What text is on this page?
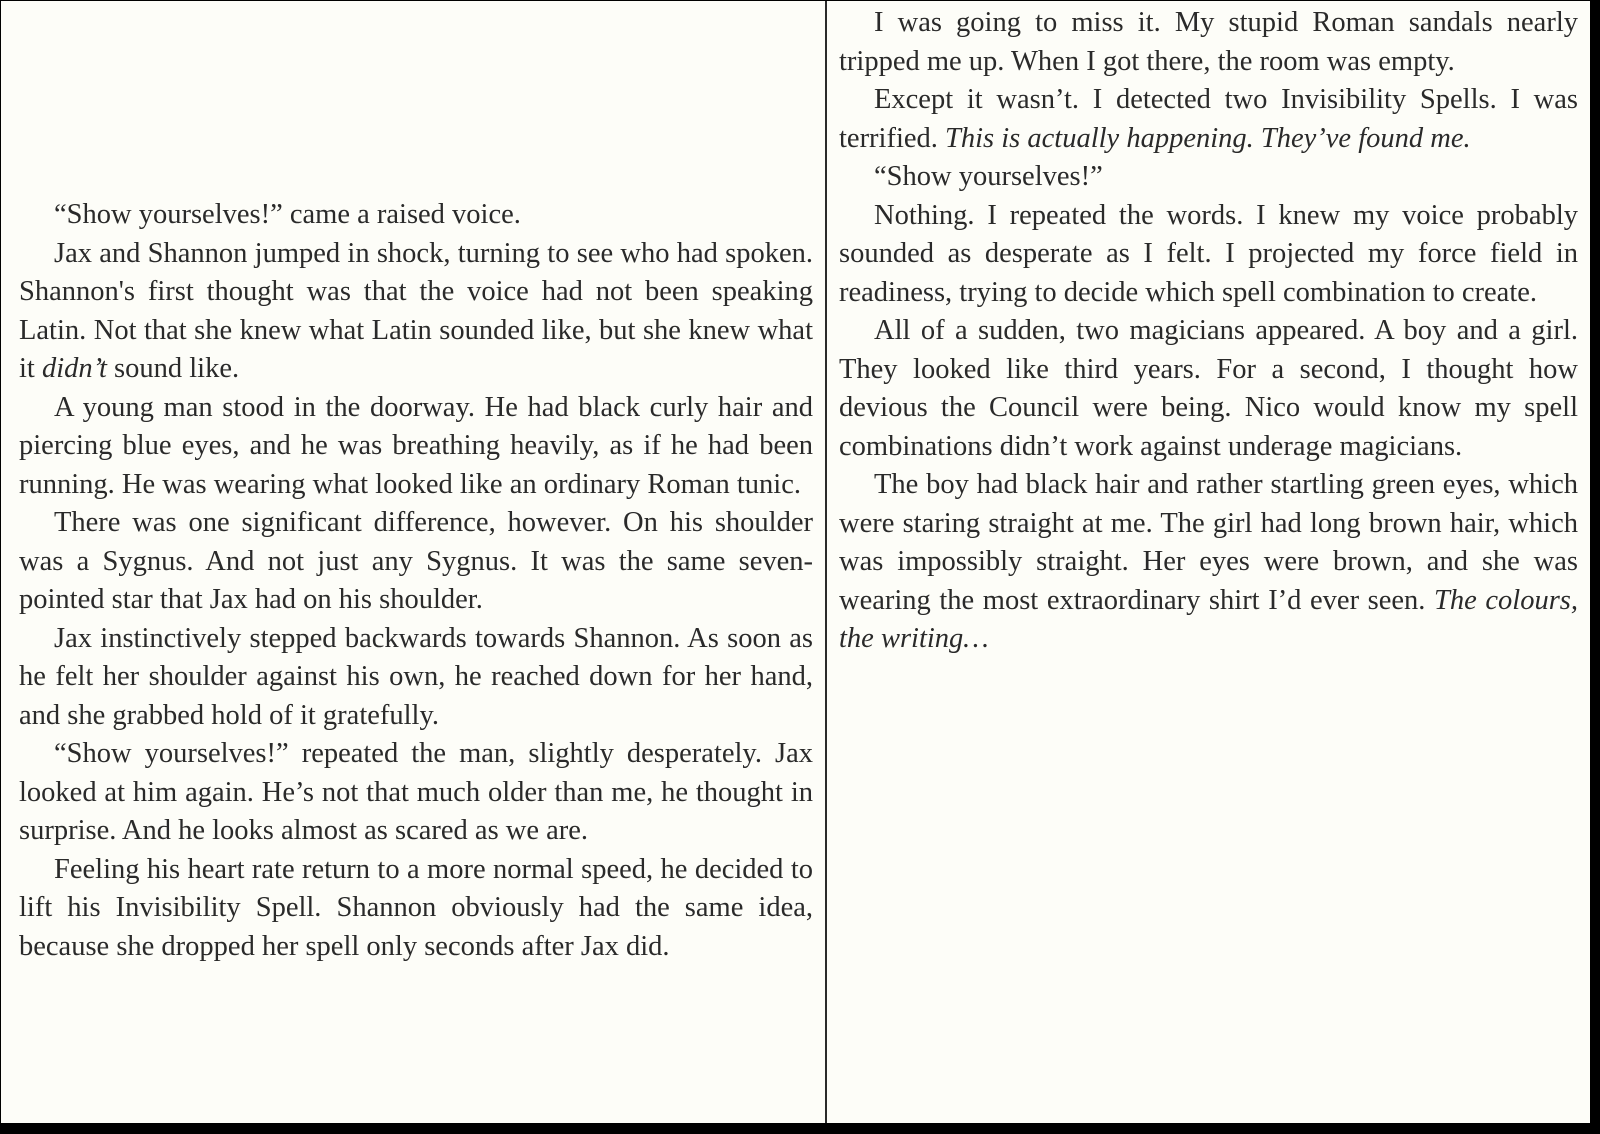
“Show yourselves!” came a raised voice.

Jax and Shannon jumped in shock, turning to see who had spoken. Shannon's first thought was that the voice had not been speaking Latin. Not that she knew what Latin sounded like, but she knew what it didn’t sound like.

A young man stood in the doorway. He had black curly hair and piercing blue eyes, and he was breathing heavily, as if he had been running. He was wearing what looked like an ordinary Roman tunic.

There was one significant difference, however. On his shoulder was a Sygnus. And not just any Sygnus. It was the same seven-pointed star that Jax had on his shoulder.

Jax instinctively stepped backwards towards Shannon. As soon as he felt her shoulder against his own, he reached down for her hand, and she grabbed hold of it gratefully.

“Show yourselves!” repeated the man, slightly desperately. Jax looked at him again. He’s not that much older than me, he thought in surprise. And he looks almost as scared as we are.

Feeling his heart rate return to a more normal speed, he decided to lift his Invisibility Spell. Shannon obviously had the same idea, because she dropped her spell only seconds after Jax did.

I was going to miss it. My stupid Roman sandals nearly tripped me up. When I got there, the room was empty.

Except it wasn’t. I detected two Invisibility Spells. I was terrified. This is actually happening. They’ve found me.

“Show yourselves!”

Nothing. I repeated the words. I knew my voice probably sounded as desperate as I felt. I projected my force field in readiness, trying to decide which spell combination to create.

All of a sudden, two magicians appeared. A boy and a girl. They looked like third years. For a second, I thought how devious the Council were being. Nico would know my spell combinations didn’t work against underage magicians.

The boy had black hair and rather startling green eyes, which were staring straight at me. The girl had long brown hair, which was impossibly straight. Her eyes were brown, and she was wearing the most extraordinary shirt I’d ever seen. The colours, the writing…
